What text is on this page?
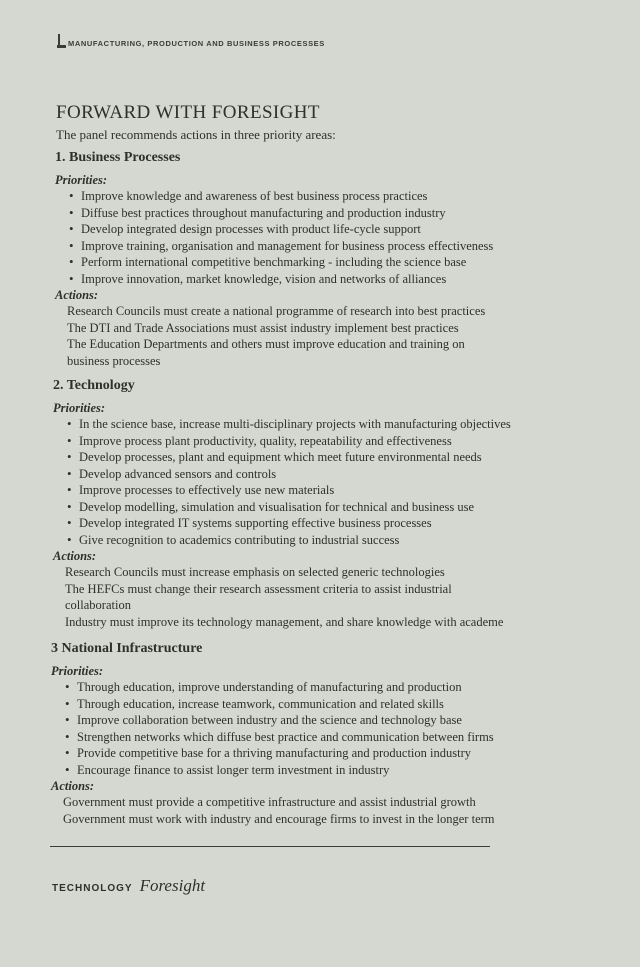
MANUFACTURING, PRODUCTION AND BUSINESS PROCESSES
FORWARD WITH FORESIGHT
The panel recommends actions in three priority areas:
1. Business Processes
Priorities:
• Improve knowledge and awareness of best business process practices
• Diffuse best practices throughout manufacturing and production industry
• Develop integrated design processes with product life-cycle support
• Improve training, organisation and management for business process effectiveness
• Perform international competitive benchmarking - including the science base
• Improve innovation, market knowledge, vision and networks of alliances
Actions:
Research Councils must create a national programme of research into best practices
The DTI and Trade Associations must assist industry implement best practices
The Education Departments and others must improve education and training on
business processes
2. Technology
Priorities:
• In the science base, increase multi-disciplinary projects with manufacturing objectives
• Improve process plant productivity, quality, repeatability and effectiveness
• Develop processes, plant and equipment which meet future environmental needs
• Develop advanced sensors and controls
• Improve processes to effectively use new materials
• Develop modelling, simulation and visualisation for technical and business use
• Develop integrated IT systems supporting effective business processes
• Give recognition to academics contributing to industrial success
Actions:
Research Councils must increase emphasis on selected generic technologies
The HEFCs must change their research assessment criteria to assist industrial
collaboration
Industry must improve its technology management, and share knowledge with academe
3 National Infrastructure
Priorities:
• Through education, improve understanding of manufacturing and production
• Through education, increase teamwork, communication and related skills
• Improve collaboration between industry and the science and technology base
• Strengthen networks which diffuse best practice and communication between firms
• Provide competitive base for a thriving manufacturing and production industry
• Encourage finance to assist longer term investment in industry
Actions:
Government must provide a competitive infrastructure and assist industrial growth
Government must work with industry and encourage firms to invest in the longer term
TECHNOLOGY Foresight
